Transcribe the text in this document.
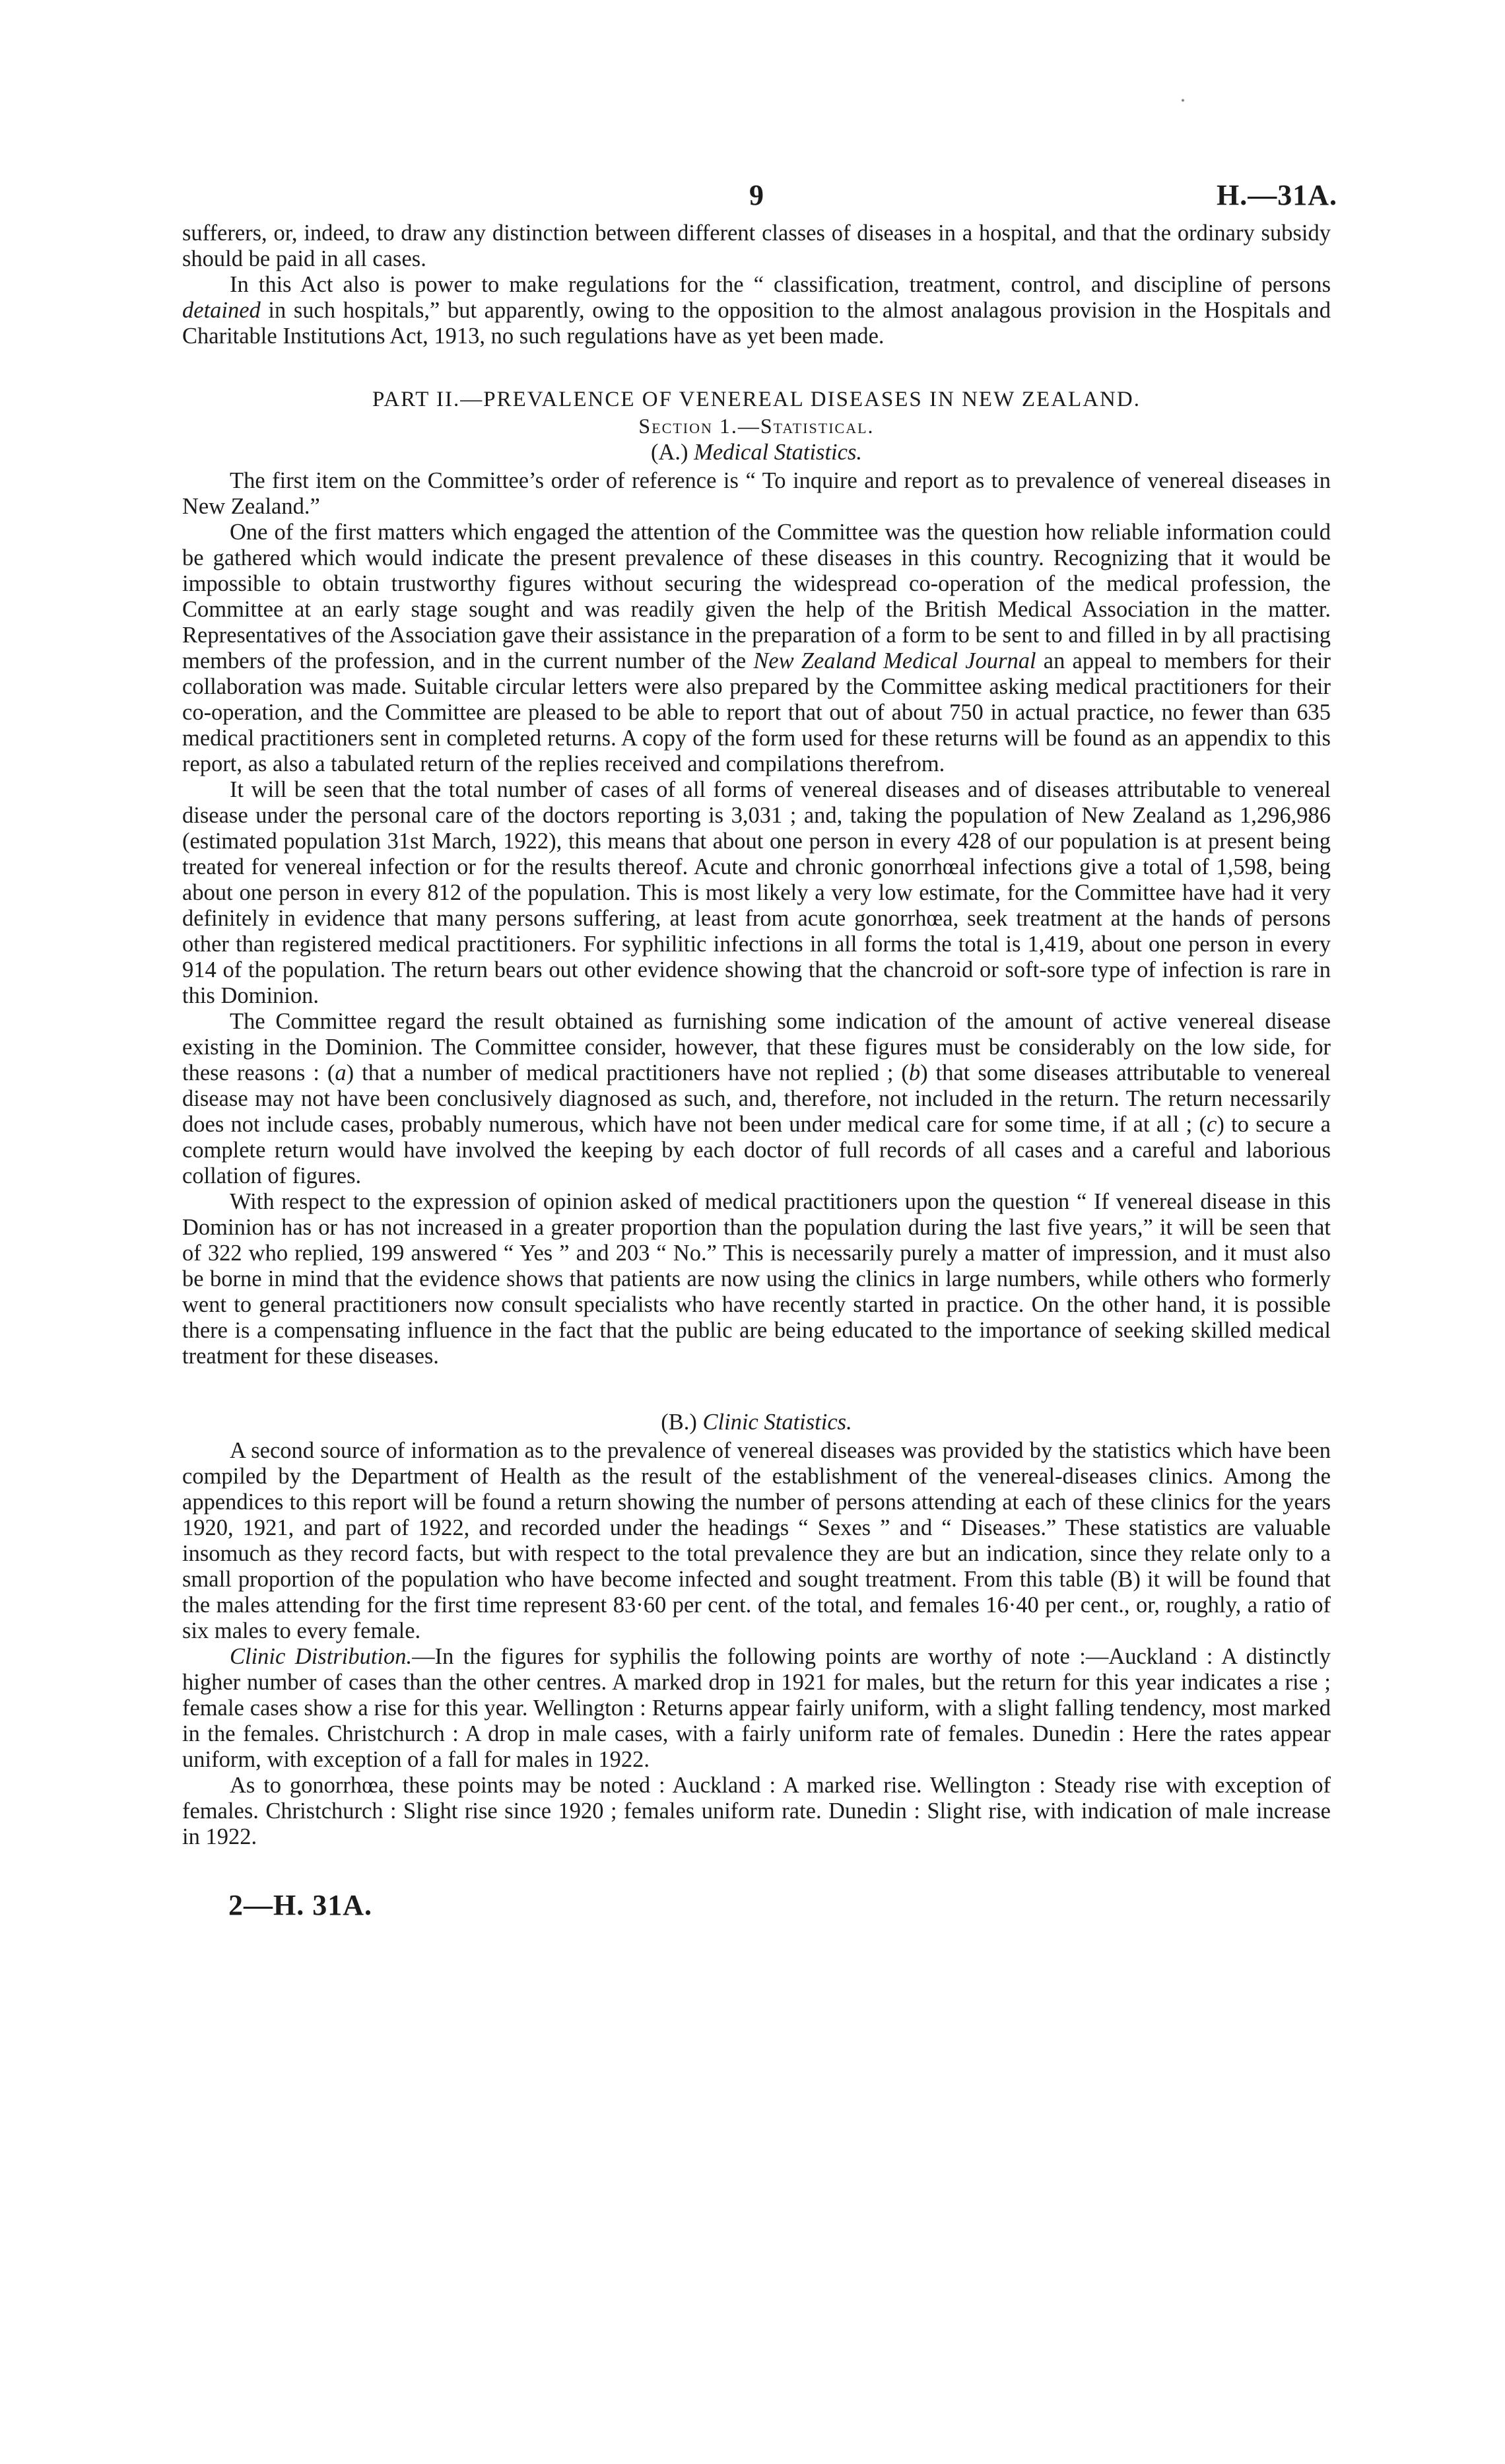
9	H.—31A.

sufferers, or, indeed, to draw any distinction between different classes of diseases in a hospital, and that the ordinary subsidy should be paid in all cases.

In this Act also is power to make regulations for the “ classification, treatment, control, and discipline of persons detained in such hospitals,” but apparently, owing to the opposition to the almost analagous provision in the Hospitals and Charitable Institutions Act, 1913, no such regulations have as yet been made.

PART II.—PREVALENCE OF VENEREAL DISEASES IN NEW ZEALAND.
Section 1.—Statistical.
(A.) Medical Statistics.

The first item on the Committee’s order of reference is “ To inquire and report as to prevalence of venereal diseases in New Zealand.”

One of the first matters which engaged the attention of the Committee was the question how reliable information could be gathered which would indicate the present prevalence of these diseases in this country. Recognizing that it would be impossible to obtain trustworthy figures without securing the widespread co-operation of the medical profession, the Committee at an early stage sought and was readily given the help of the British Medical Association in the matter. Representatives of the Association gave their assistance in the preparation of a form to be sent to and filled in by all practising members of the profession, and in the current number of the New Zealand Medical Journal an appeal to members for their collaboration was made. Suitable circular letters were also prepared by the Committee asking medical practitioners for their co-operation, and the Committee are pleased to be able to report that out of about 750 in actual practice, no fewer than 635 medical practitioners sent in completed returns. A copy of the form used for these returns will be found as an appendix to this report, as also a tabulated return of the replies received and compilations therefrom.

It will be seen that the total number of cases of all forms of venereal diseases and of diseases attributable to venereal disease under the personal care of the doctors reporting is 3,031 ; and, taking the population of New Zealand as 1,296,986 (estimated population 31st March, 1922), this means that about one person in every 428 of our population is at present being treated for venereal infection or for the results thereof. Acute and chronic gonorrhœal infections give a total of 1,598, being about one person in every 812 of the population. This is most likely a very low estimate, for the Committee have had it very definitely in evidence that many persons suffering, at least from acute gonorrhœa, seek treatment at the hands of persons other than registered medical practitioners. For syphilitic infections in all forms the total is 1,419, about one person in every 914 of the population. The return bears out other evidence showing that the chancroid or soft-sore type of infection is rare in this Dominion.

The Committee regard the result obtained as furnishing some indication of the amount of active venereal disease existing in the Dominion. The Committee consider, however, that these figures must be considerably on the low side, for these reasons : (a) that a number of medical practitioners have not replied ; (b) that some diseases attributable to venereal disease may not have been conclusively diagnosed as such, and, therefore, not included in the return. The return necessarily does not include cases, probably numerous, which have not been under medical care for some time, if at all ; (c) to secure a complete return would have involved the keeping by each doctor of full records of all cases and a careful and laborious collation of figures.

With respect to the expression of opinion asked of medical practitioners upon the question “ If venereal disease in this Dominion has or has not increased in a greater proportion than the population during the last five years,” it will be seen that of 322 who replied, 199 answered “ Yes ” and 203 “ No.” This is necessarily purely a matter of impression, and it must also be borne in mind that the evidence shows that patients are now using the clinics in large numbers, while others who formerly went to general practitioners now consult specialists who have recently started in practice. On the other hand, it is possible there is a compensating influence in the fact that the public are being educated to the importance of seeking skilled medical treatment for these diseases.

(B.) Clinic Statistics.

A second source of information as to the prevalence of venereal diseases was provided by the statistics which have been compiled by the Department of Health as the result of the establishment of the venereal-diseases clinics. Among the appendices to this report will be found a return showing the number of persons attending at each of these clinics for the years 1920, 1921, and part of 1922, and recorded under the headings “ Sexes ” and “ Diseases.” These statistics are valuable insomuch as they record facts, but with respect to the total prevalence they are but an indication, since they relate only to a small proportion of the population who have become infected and sought treatment. From this table (B) it will be found that the males attending for the first time represent 83·60 per cent. of the total, and females 16·40 per cent., or, roughly, a ratio of six males to every female.

Clinic Distribution.—In the figures for syphilis the following points are worthy of note :—Auckland : A distinctly higher number of cases than the other centres. A marked drop in 1921 for males, but the return for this year indicates a rise ; female cases show a rise for this year. Wellington : Returns appear fairly uniform, with a slight falling tendency, most marked in the females. Christchurch : A drop in male cases, with a fairly uniform rate of females. Dunedin : Here the rates appear uniform, with exception of a fall for males in 1922.

As to gonorrhœa, these points may be noted : Auckland : A marked rise. Wellington : Steady rise with exception of females. Christchurch : Slight rise since 1920 ; females uniform rate. Dunedin : Slight rise, with indication of male increase in 1922.

2—H. 31A.
